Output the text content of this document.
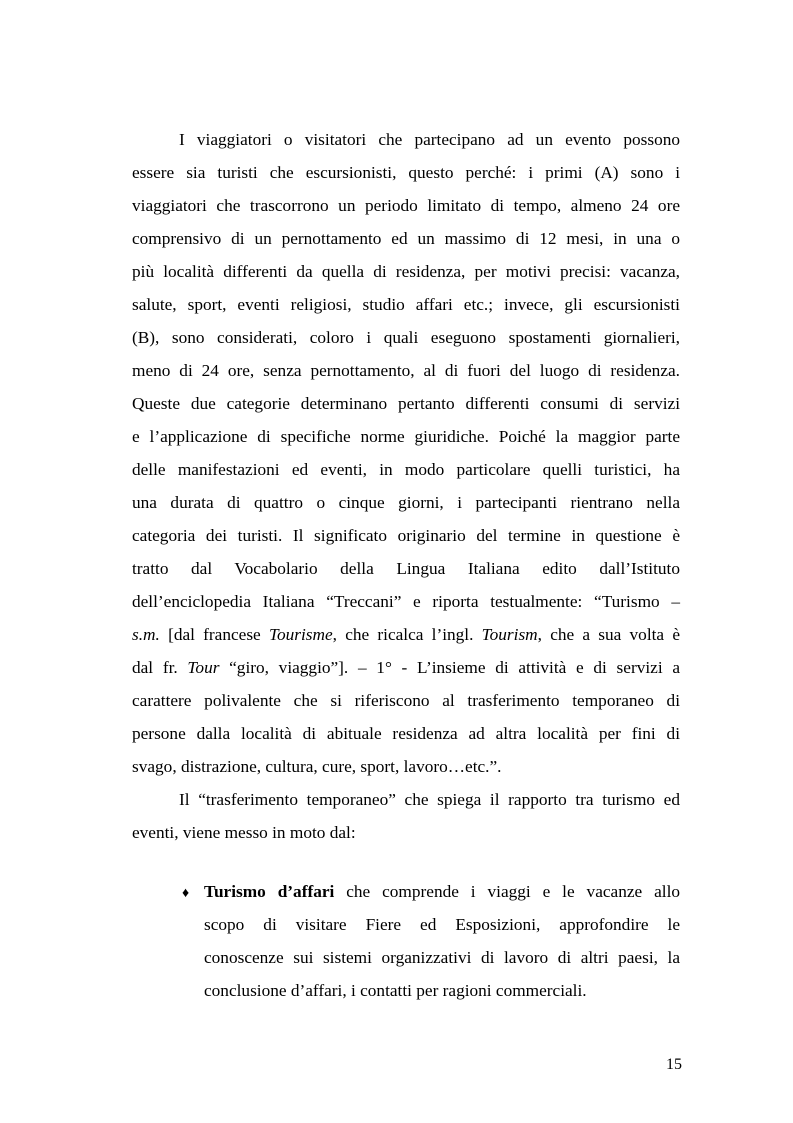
I viaggiatori o visitatori che partecipano ad un evento possono
essere sia turisti che escursionisti, questo perché: i primi (A) sono i
viaggiatori che trascorrono un periodo limitato di tempo, almeno 24 ore
comprensivo di un pernottamento ed un massimo di 12 mesi, in una o
più località differenti da quella di residenza, per motivi precisi: vacanza,
salute, sport, eventi religiosi, studio affari etc.; invece, gli escursionisti
(B), sono considerati, coloro i quali eseguono spostamenti giornalieri,
meno di 24 ore, senza pernottamento, al di fuori del luogo di residenza.
Queste due categorie determinano pertanto differenti consumi di servizi
e l’applicazione di specifiche norme giuridiche. Poiché la maggior parte
delle manifestazioni ed eventi, in modo particolare quelli turistici, ha
una durata di quattro o cinque giorni, i partecipanti rientrano nella
categoria dei turisti. Il significato originario del termine in questione è
tratto dal Vocabolario della Lingua Italiana edito dall’Istituto
dell’enciclopedia Italiana “Treccani” e riporta testualmente: “Turismo –
s.m. [dal francese Tourisme, che ricalca l’ingl. Tourism, che a sua volta è
dal fr. Tour “giro, viaggio”]. – 1° - L’insieme di attività e di servizi a
carattere polivalente che si riferiscono al trasferimento temporaneo di
persone dalla località di abituale residenza ad altra località per fini di
svago, distrazione, cultura, cure, sport, lavoro…etc.”.
Il “trasferimento temporaneo” che spiega il rapporto tra turismo ed
eventi, viene messo in moto dal:
♦ Turismo d’affari che comprende i viaggi e le vacanze allo
scopo di visitare Fiere ed Esposizioni, approfondire le
conoscenze sui sistemi organizzativi di lavoro di altri paesi, la
conclusione d’affari, i contatti per ragioni commerciali.
15
